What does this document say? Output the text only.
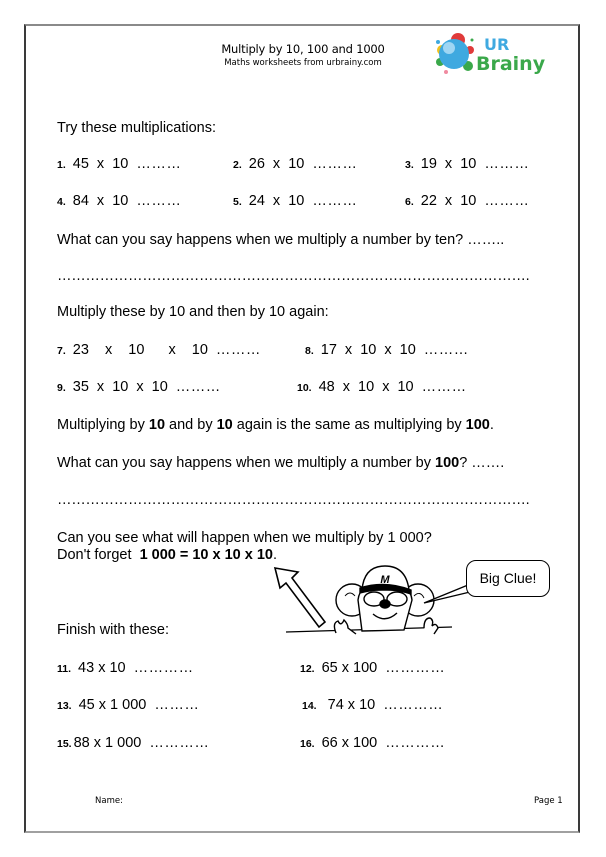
Multiply by 10, 100 and 1000
Maths worksheets from urbrainy.com
UR
Brainy
Try these multiplications:
1. 45 x 10 ………	2. 26 x 10 ………	3. 19 x 10 ………
4. 84 x 10 ………	5. 24 x 10 ………	6. 22 x 10 ………
What can you say happens when we multiply a number by ten? ……..
……………………………………………………………………………………….
Multiply these by 10 and then by 10 again:
7. 23  x  10   x  10 ………	8. 17 x 10 x 10 ………
9. 35 x 10 x 10 ………	10. 48 x 10 x 10 ………
Multiplying by 10 and by 10 again is the same as multiplying by 100.
What can you say happens when we multiply a number by 100? …….
……………………………………………………………………………………….
Can you see what will happen when we multiply by 1 000?
Don't forget  1 000 = 10 x 10 x 10.
M	Big Clue!
Finish with these:
11. 43 x 10 …………	12. 65 x 100 …………
13. 45 x 1 000 ………	14. 74 x 10 …………
15. 88 x 1 000 …………	16. 66 x 100 …………
Name:	Page 1
